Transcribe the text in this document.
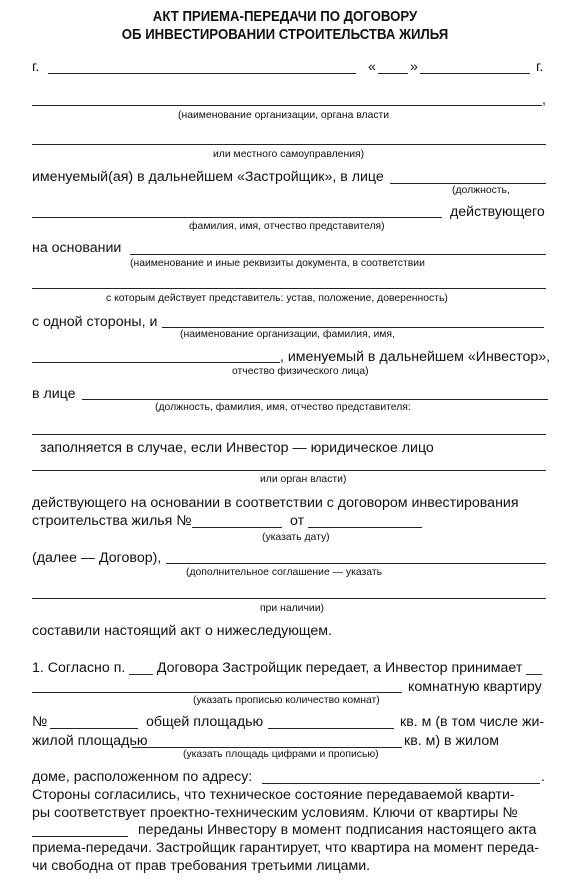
АКТ ПРИЕМА-ПЕРЕДАЧИ ПО ДОГОВОРУ
ОБ ИНВЕСТИРОВАНИИ СТРОИТЕЛЬСТВА ЖИЛЬЯ
г.	« »	г.
,
(наименование организации, органа власти
или местного самоуправления)
именуемый(ая) в дальнейшем «Застройщик», в лице
(должность,
действующего
фамилия, имя, отчество представителя)
на основании
(наименование и иные реквизиты документа, в соответствии
с которым действует представитель: устав, положение, доверенность)
с одной стороны, и
(наименование организации, фамилия, имя,
, именуемый в дальнейшем «Инвестор»,
отчество физического лица)
в лице
(должность, фамилия, имя, отчество представителя:
заполняется в случае, если Инвестор — юридическое лицо
или орган власти)
действующего на основании в соответствии с договором инвестирования
строительства жилья №	от
(указать дату)
(далее — Договор),
(дополнительное соглашение — указать
при наличии)
составили настоящий акт о нижеследующем.
1. Согласно п. ___ Договора Застройщик передает, а Инвестор принимает __
комнатную квартиру
(указать прописью количество комнат)
№	общей площадью	кв. м (в том числе жи-
жилой площадью	кв. м) в жилом
(указать площадь цифрами и прописью)
доме, расположенном по адресу:	.
Стороны согласились, что техническое состояние передаваемой кварти-
ры соответствует проектно-техническим условиям. Ключи от квартиры №
переданы Инвестору в момент подписания настоящего акта
приема-передачи. Застройщик гарантирует, что квартира на момент переда-
чи свободна от прав требования третьими лицами.
